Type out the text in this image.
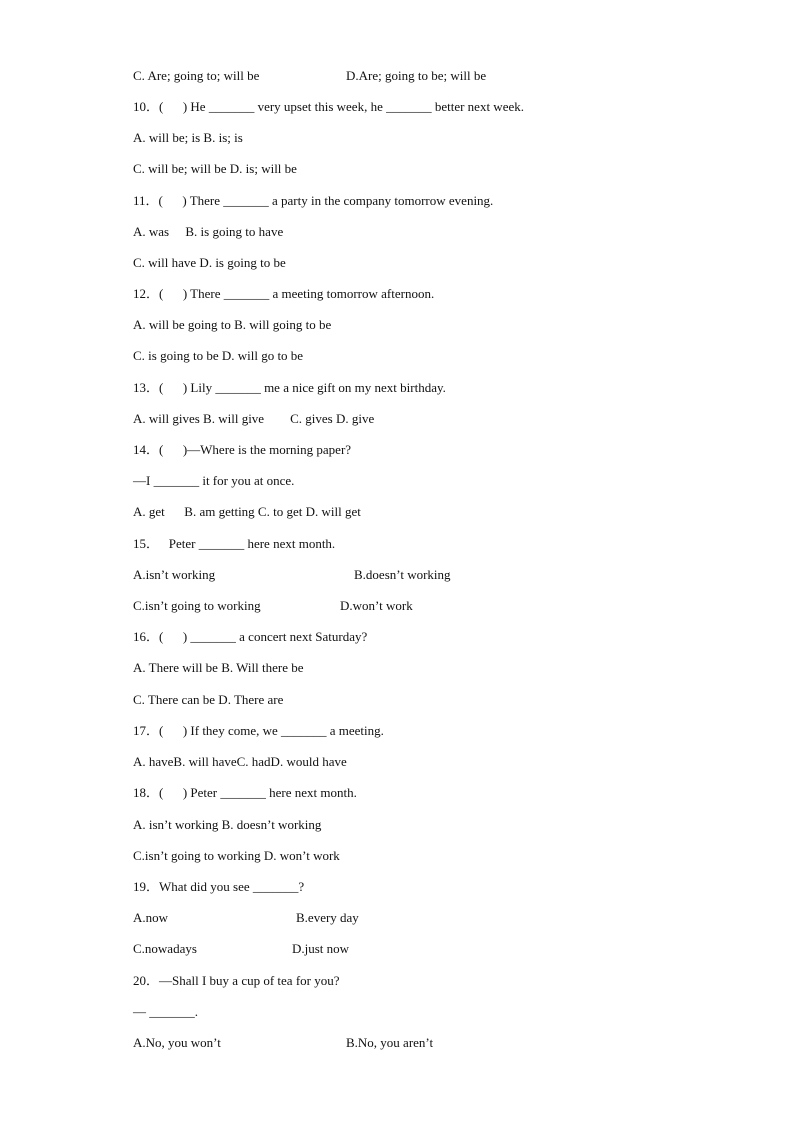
C. Are; going to; will be

	D.Are; going to be; will be

10．(      ) He _______ very upset this week, he _______ better next week.

A. will be; is B. is; is

C. will be; will be D. is; will be

11．(      ) There _______ a party in the company tomorrow evening.

A. was     B. is going to have

C. will have D. is going to be

12．(      ) There _______ a meeting tomorrow afternoon.

A. will be going to B. will going to be

C. is going to be D. will go to be

13．(      ) Lily _______ me a nice gift on my next birthday.

A. will gives B. will give        C. gives D. give

14．(      )—Where is the morning paper?

—I _______ it for you at once.

A. get      B. am getting C. to get D. will get

15．   Peter _______ here next month.

A.isn’t working

	B.doesn’t working

C.isn’t going to working

	D.won’t work

16．(      ) _______ a concert next Saturday?

A. There will be B. Will there be

C. There can be D. There are

17．(      ) If they come, we _______ a meeting.

A. haveB. will haveC. hadD. would have

18．(      ) Peter _______ here next month.

A. isn’t working B. doesn’t working

C.isn’t going to working D. won’t work

19．What did you see _______?

A.now

	B.every day

C.nowadays

	D.just now

20．—Shall I buy a cup of tea for you?

— _______.

A.No, you won’t

	B.No, you aren’t
